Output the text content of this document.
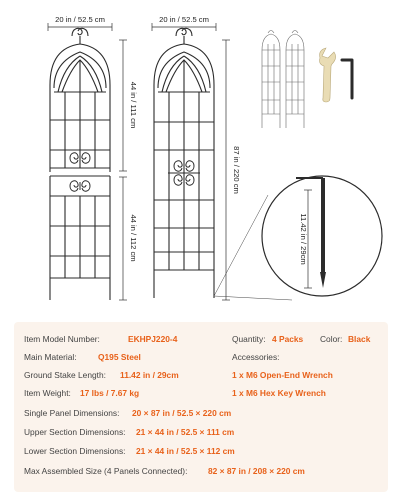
20 in / 52.5 cm	20 in / 52.5 cm
44 in / 111 cm
44 in / 112 cm
87 in / 220 cm
11.42 in / 29cm
Item Model Number:	EKHPJ220-4	Quantity: 4 Packs Color: Black
Main Material:	Q195 Steel	Accessories:
Ground Stake Length: 11.42 in / 29cm	1 x M6 Open-End Wrench
Item Weight: 17 lbs / 7.67 kg	1 x M6 Hex Key Wrench
Single Panel Dimensions: 20 × 87 in / 52.5 × 220 cm
Upper Section Dimensions: 21 × 44 in / 52.5 × 111 cm
Lower Section Dimensions: 21 × 44 in / 52.5 × 112 cm
Max Assembled Size (4 Panels Connected): 82 × 87 in / 208 × 220 cm
